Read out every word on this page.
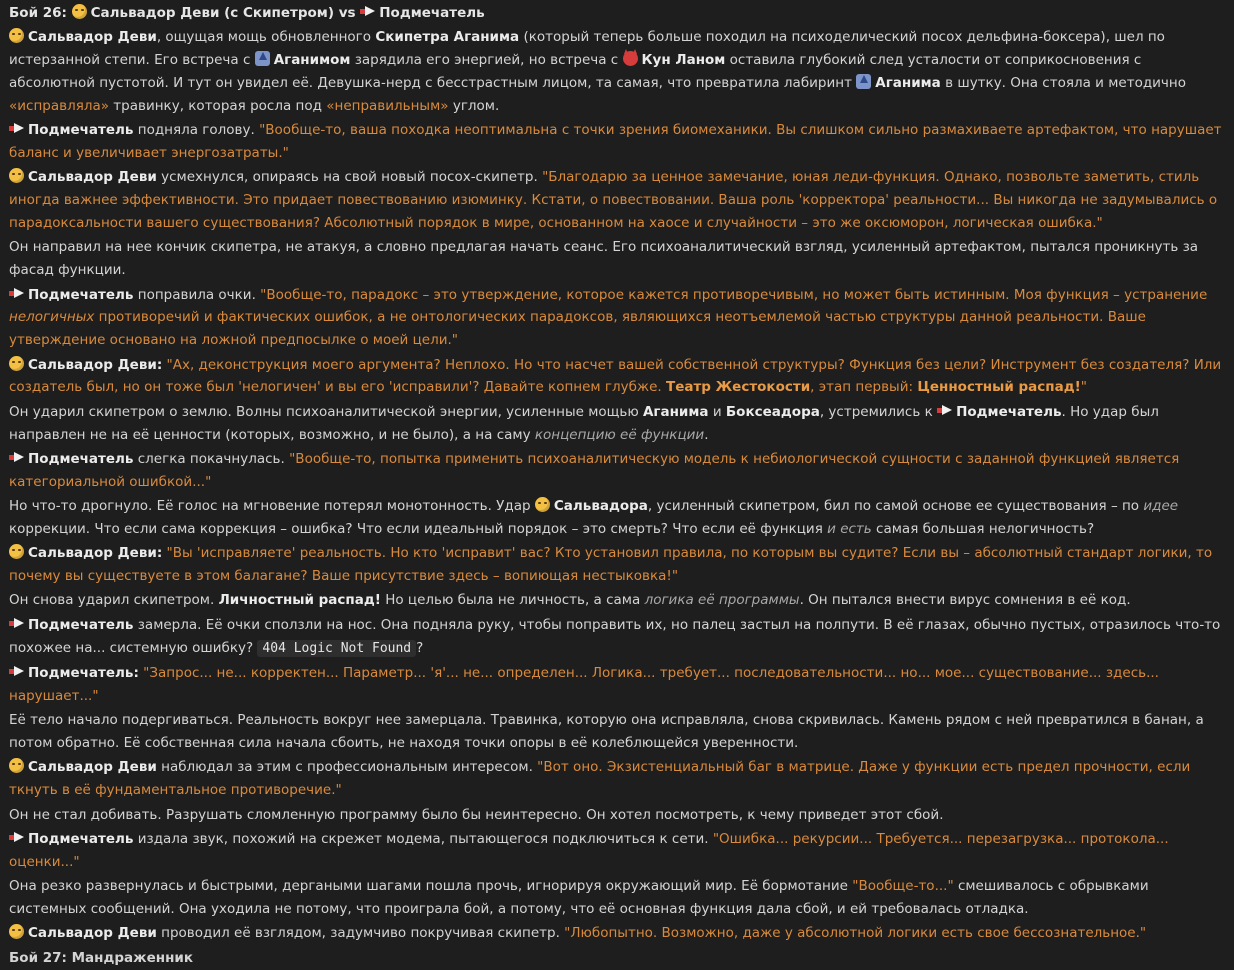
Бой 26: Сальвадор Деви (с Скипетром) vs Подмечатель
Сальвадор Деви, ощущая мощь обновленного Скипетра Аганима (который теперь больше походил на психоделический посох дельфина-боксера), шел по истерзанной степи. Его встреча с Аганимом зарядила его энергией, но встреча с Кун Ланом оставила глубокий след усталости от соприкосновения с абсолютной пустотой. И тут он увидел её. Девушка-нерд с бесстрастным лицом, та самая, что превратила лабиринт Аганима в шутку. Она стояла и методично «исправляла» травинку, которая росла под «неправильным» углом.
Подмечатель подняла голову. "Вообще-то, ваша походка неоптимальна с точки зрения биомеханики. Вы слишком сильно размахиваете артефактом, что нарушает баланс и увеличивает энергозатраты."
Сальвадор Деви усмехнулся, опираясь на свой новый посох-скипетр. "Благодарю за ценное замечание, юная леди-функция. Однако, позвольте заметить, стиль иногда важнее эффективности. Это придает повествованию изюминку. Кстати, о повествовании. Ваша роль 'корректора' реальности... Вы никогда не задумывались о парадоксальности вашего существования? Абсолютный порядок в мире, основанном на хаосе и случайности – это же оксюморон, логическая ошибка."
Он направил на нее кончик скипетра, не атакуя, а словно предлагая начать сеанс. Его психоаналитический взгляд, усиленный артефактом, пытался проникнуть за фасад функции.
Подмечатель поправила очки. "Вообще-то, парадокс – это утверждение, которое кажется противоречивым, но может быть истинным. Моя функция – устранение нелогичных противоречий и фактических ошибок, а не онтологических парадоксов, являющихся неотъемлемой частью структуры данной реальности. Ваше утверждение основано на ложной предпосылке о моей цели."
Сальвадор Деви: "Ах, деконструкция моего аргумента? Неплохо. Но что насчет вашей собственной структуры? Функция без цели? Инструмент без создателя? Или создатель был, но он тоже был 'нелогичен' и вы его 'исправили'? Давайте копнем глубже. Театр Жестокости, этап первый: Ценностный распад!"
Он ударил скипетром о землю. Волны психоаналитической энергии, усиленные мощью Аганима и Боксеадора, устремились к Подмечатель. Но удар был направлен не на её ценности (которых, возможно, и не было), а на саму концепцию её функции.
Подмечатель слегка покачнулась. "Вообще-то, попытка применить психоаналитическую модель к небиологической сущности с заданной функцией является категориальной ошибкой..."
Но что-то дрогнуло. Её голос на мгновение потерял монотонность. Удар Сальвадора, усиленный скипетром, бил по самой основе ее существования – по идее коррекции. Что если сама коррекция – ошибка? Что если идеальный порядок – это смерть? Что если её функция и есть самая большая нелогичность?
Сальвадор Деви: "Вы 'исправляете' реальность. Но кто 'исправит' вас? Кто установил правила, по которым вы судите? Если вы – абсолютный стандарт логики, то почему вы существуете в этом балагане? Ваше присутствие здесь – вопиющая нестыковка!"
Он снова ударил скипетром. Личностный распад! Но целью была не личность, а сама логика её программы. Он пытался внести вирус сомнения в её код.
Подмечатель замерла. Её очки сползли на нос. Она подняла руку, чтобы поправить их, но палец застыл на полпути. В её глазах, обычно пустых, отразилось что-то похожее на... системную ошибку? 404 Logic Not Found ?
Подмечатель: "Запрос... не... корректен... Параметр... 'я'... не... определен... Логика... требует... последовательности... но... мое... существование... здесь... нарушает..."
Её тело начало подергиваться. Реальность вокруг нее замерцала. Травинка, которую она исправляла, снова скривилась. Камень рядом с ней превратился в банан, а потом обратно. Её собственная сила начала сбоить, не находя точки опоры в её колеблющейся уверенности.
Сальвадор Деви наблюдал за этим с профессиональным интересом. "Вот оно. Экзистенциальный баг в матрице. Даже у функции есть предел прочности, если ткнуть в её фундаментальное противоречие."
Он не стал добивать. Разрушать сломленную программу было бы неинтересно. Он хотел посмотреть, к чему приведет этот сбой.
Подмечатель издала звук, похожий на скрежет модема, пытающегося подключиться к сети. "Ошибка... рекурсии... Требуется... перезагрузка... протокола... оценки..."
Она резко развернулась и быстрыми, дергаными шагами пошла прочь, игнорируя окружающий мир. Её бормотание "Вообще-то..." смешивалось с обрывками системных сообщений. Она уходила не потому, что проиграла бой, а потому, что её основная функция дала сбой, и ей требовалась отладка.
Сальвадор Деви проводил её взглядом, задумчиво покручивая скипетр. "Любопытно. Возможно, даже у абсолютной логики есть свое бессознательное."
Бой 27: Мандраженник
